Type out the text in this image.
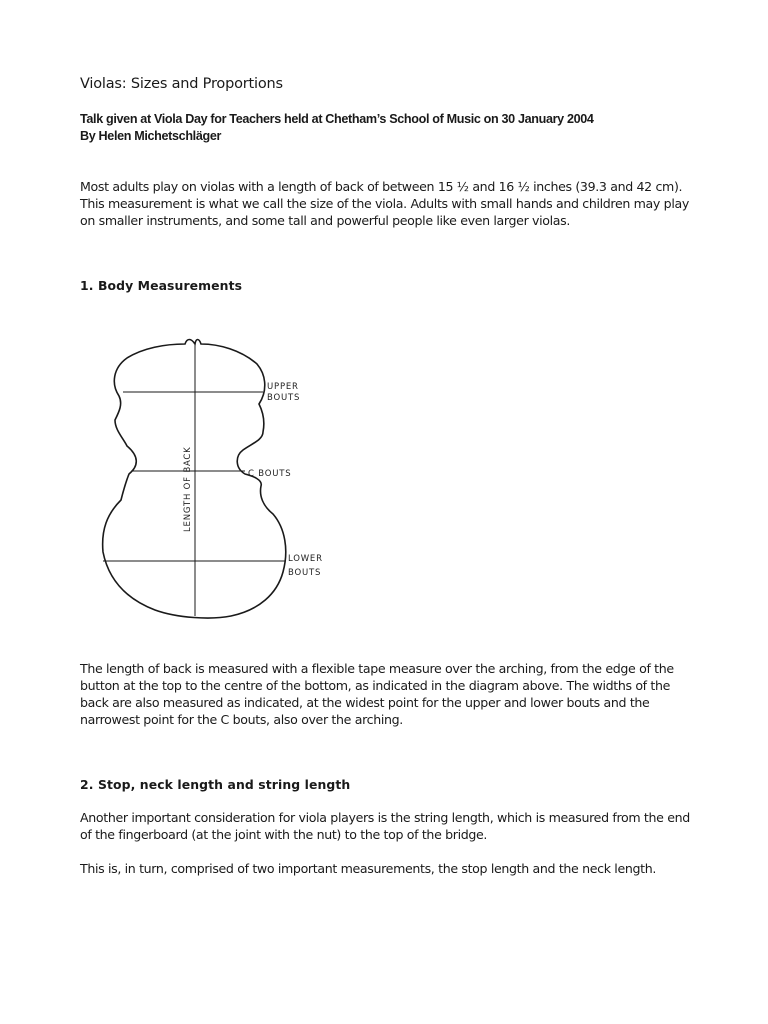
Violas: Sizes and Proportions
Talk given at Viola Day for Teachers held at Chetham’s School of Music on 30 January 2004
By Helen Michetschläger
Most adults play on violas with a length of back of between 15 ½ and 16 ½ inches (39.3 and 42 cm). This measurement is what we call the size of the viola. Adults with small hands and children may play on smaller instruments, and some tall and powerful people like even larger violas.
1. Body Measurements
LENGTH OF BACK
UPPER
BOUTS
C BOUTS
LOWER
BOUTS
The length of back is measured with a flexible tape measure over the arching, from the edge of the button at the top to the centre of the bottom, as indicated in the diagram above. The widths of the back are also measured as indicated, at the widest point for the upper and lower bouts and the narrowest point for the C bouts, also over the arching.
2. Stop, neck length and string length
Another important consideration for viola players is the string length, which is measured from the end of the fingerboard (at the joint with the nut) to the top of the bridge.
This is, in turn, comprised of two important measurements, the stop length and the neck length.
